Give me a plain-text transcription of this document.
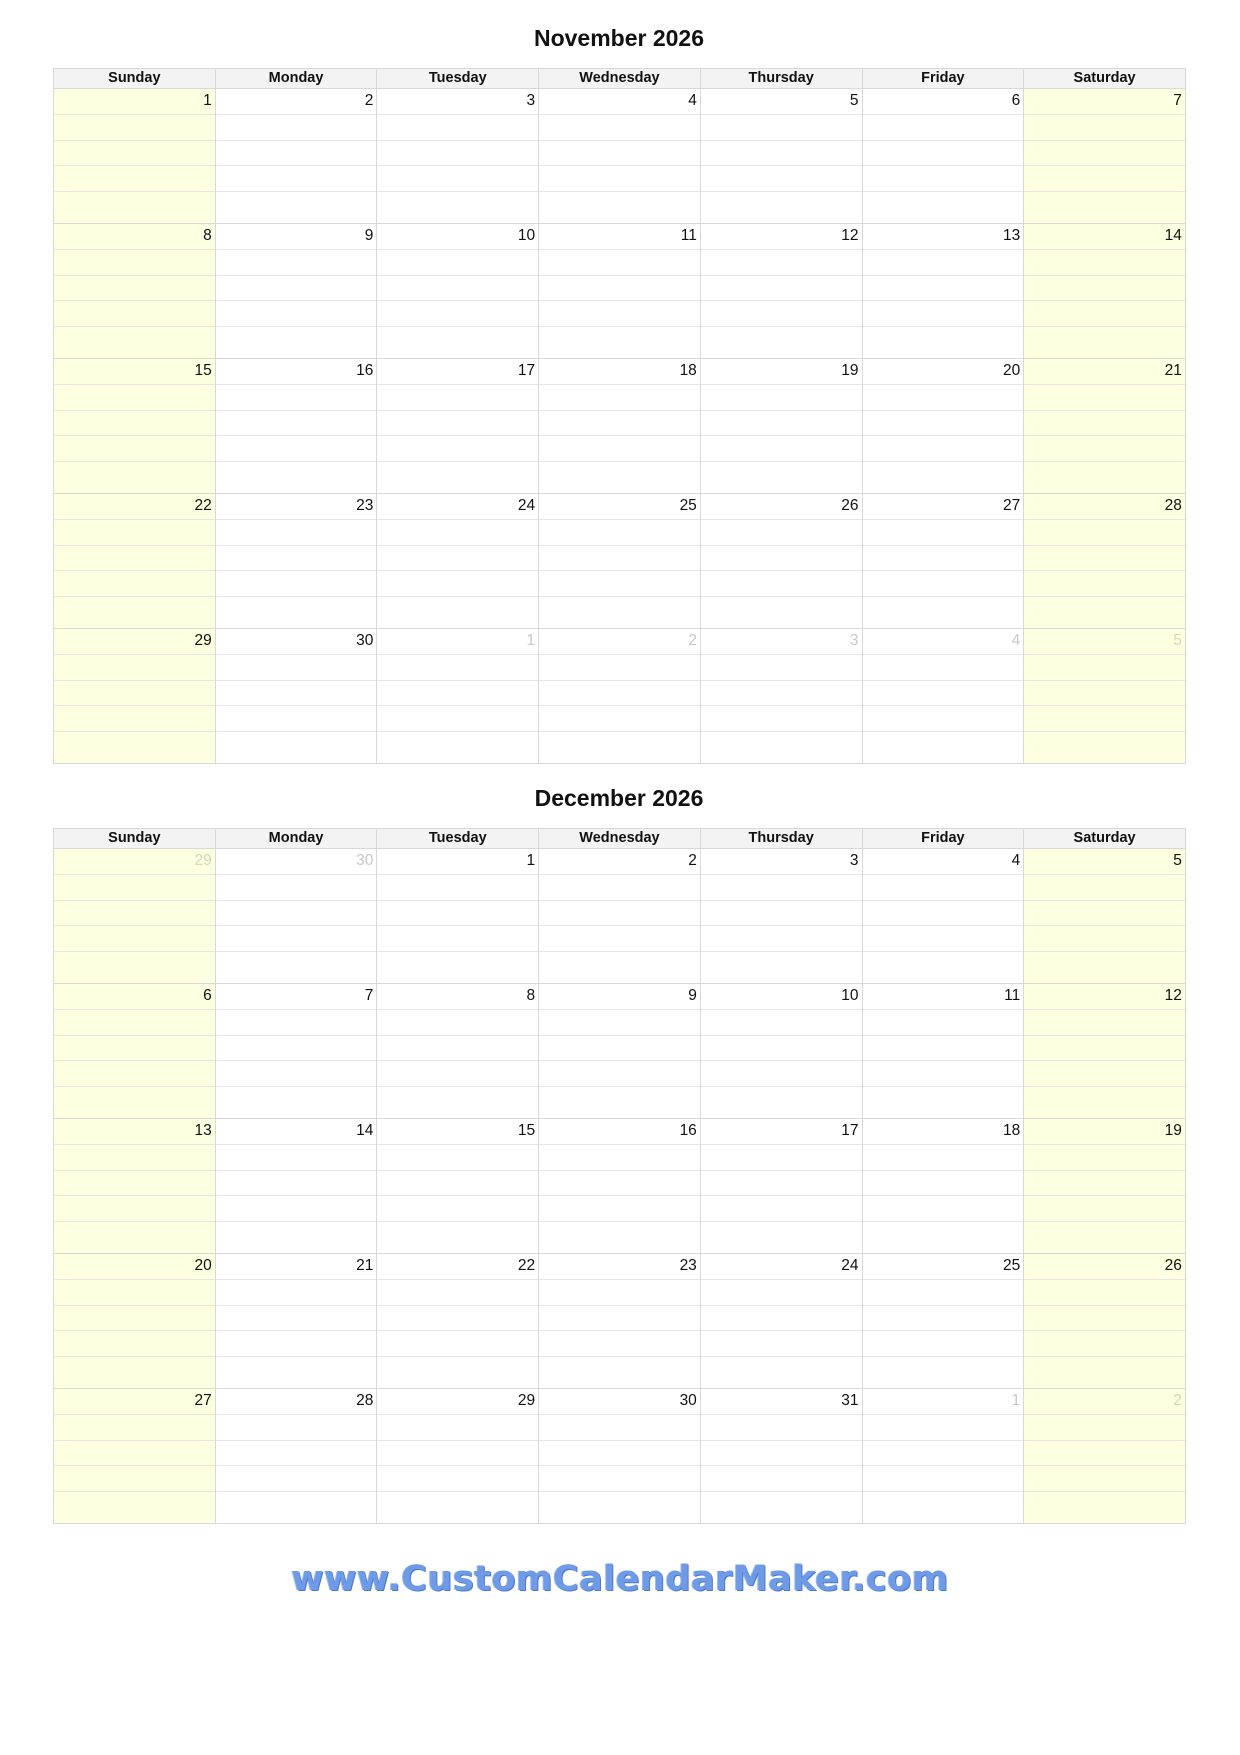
November 2026
Sunday	Monday	Tuesday	Wednesday	Thursday	Friday	Saturday
1	2	3	4	5	6	7
8	9	10	11	12	13	14
15	16	17	18	19	20	21
22	23	24	25	26	27	28
29	30	1	2	3	4	5
December 2026
Sunday	Monday	Tuesday	Wednesday	Thursday	Friday	Saturday
29	30	1	2	3	4	5
6	7	8	9	10	11	12
13	14	15	16	17	18	19
20	21	22	23	24	25	26
27	28	29	30	31	1	2
www.CustomCalendarMaker.com
